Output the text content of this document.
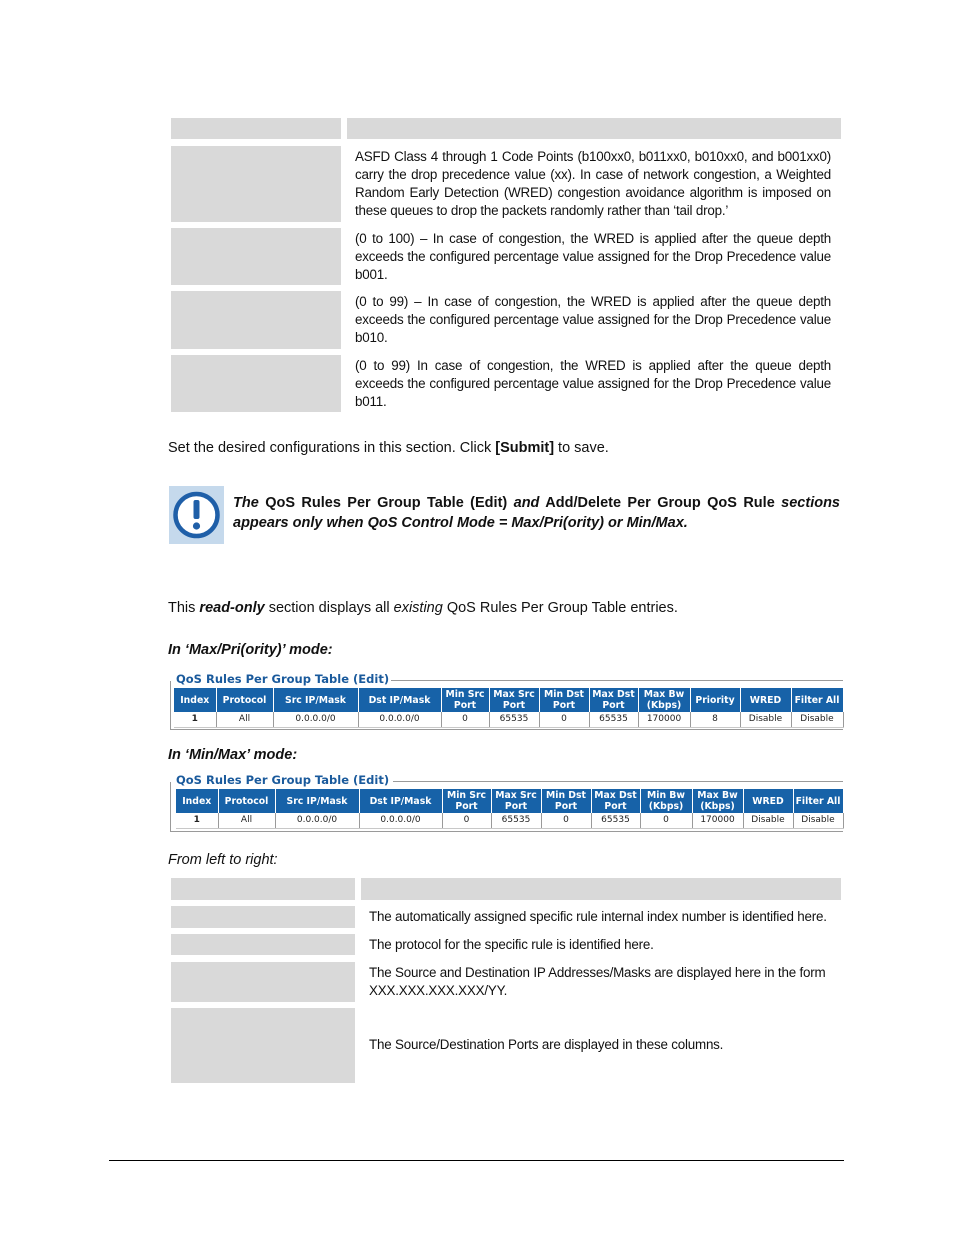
ASFD Class 4 through 1 Code Points (b100xx0, b011xx0, b010xx0, and b001xx0) carry the drop precedence value (xx). In case of network congestion, a Weighted Random Early Detection (WRED) congestion avoidance algorithm is imposed on these queues to drop the packets randomly rather than ‘tail drop.’
(0 to 100) – In case of congestion, the WRED is applied after the queue depth exceeds the configured percentage value assigned for the Drop Precedence value b001.
(0 to 99) – In case of congestion, the WRED is applied after the queue depth exceeds the configured percentage value assigned for the Drop Precedence value b010.
(0 to 99) In case of congestion, the WRED is applied after the queue depth exceeds the configured percentage value assigned for the Drop Precedence value b011.
Set the desired configurations in this section. Click [Submit] to save.
The QoS Rules Per Group Table (Edit) and Add/Delete Per Group QoS Rule sections appears only when QoS Control Mode = Max/Pri(ority) or Min/Max.
This read-only section displays all existing QoS Rules Per Group Table entries.
In ‘Max/Pri(ority)’ mode:
QoS Rules Per Group Table (Edit)
Index	Protocol	Src IP/Mask	Dst IP/Mask	Min Src Port	Max Src Port	Min Dst Port	Max Dst Port	Max Bw (Kbps)	Priority	WRED	Filter All
1	All	0.0.0.0/0	0.0.0.0/0	0	65535	0	65535	170000	8	Disable	Disable
In ‘Min/Max’ mode:
QoS Rules Per Group Table (Edit)
Index	Protocol	Src IP/Mask	Dst IP/Mask	Min Src Port	Max Src Port	Min Dst Port	Max Dst Port	Min Bw (Kbps)	Max Bw (Kbps)	WRED	Filter All
1	All	0.0.0.0/0	0.0.0.0/0	0	65535	0	65535	0	170000	Disable	Disable
From left to right:
The automatically assigned specific rule internal index number is identified here.
The protocol for the specific rule is identified here.
The Source and Destination IP Addresses/Masks are displayed here in the form XXX.XXX.XXX.XXX/YY.
The Source/Destination Ports are displayed in these columns.
